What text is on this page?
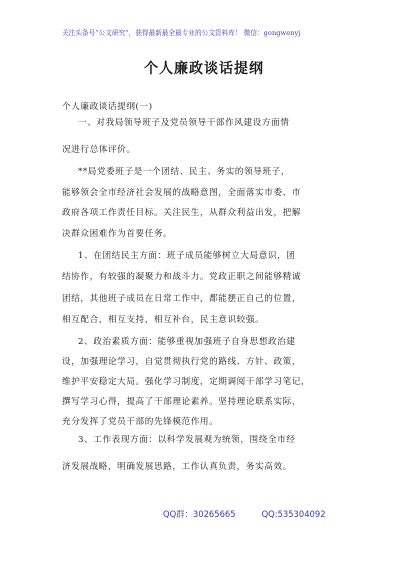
关注头条号“公文研究”，获得最新最全最专业的公文资料库！ 微信：gongwenyj
个人廉政谈话提纲
个人廉政谈话提纲(一)
一、对我局领导班子及党员领导干部作风建设方面情
况进行总体评价。
**局党委班子是一个团结、民主、务实的领导班子，
能够领会全市经济社会发展的战略意图，全面落实市委、市
政府各项工作责任目标。关注民生，从群众利益出发，把解
决群众困难作为首要任务。
1、在团结民主方面：班子成员能够树立大局意识，团
结协作，有较强的凝聚力和战斗力。党政正职之间能够精诚
团结，其他班子成员在日常工作中，都能摆正自己的位置，
相互配合，相互支持，相互补台，民主意识较强。
2、政治素质方面：能够重视加强班子自身思想政治建
设，加强理论学习，自觉贯彻执行党的路线、方针、政策，
维护平安稳定大局。强化学习制度，定期调阅干部学习笔记，
撰写学习心得，提高了干部理论素养。坚持理论联系实际，
充分发挥了党员干部的先锋模范作用。
3、工作表现方面：以科学发展观为统领，围绕全市经
济发展战略，明确发展思路，工作认真负责，务实高效。
QQ群：30265665	QQ:535304092
